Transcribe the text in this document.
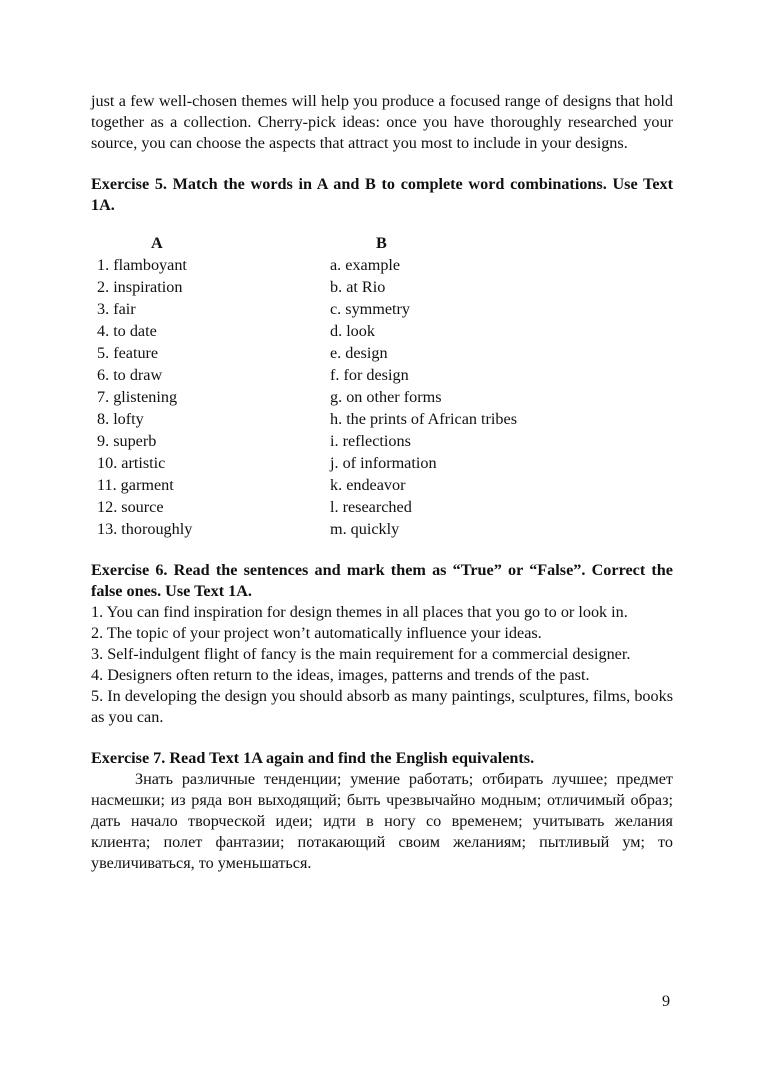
just a few well-chosen themes will help you produce a focused range of designs that hold together as a collection. Cherry-pick ideas: once you have thoroughly researched your source, you can choose the aspects that attract you most to include in your designs.

Exercise 5. Match the words in A and B to complete word combinations. Use Text 1A.

A	B
1. flamboyant	a. example
2. inspiration	b. at Rio
3. fair	c. symmetry
4. to date	d. look
5. feature	e. design
6. to draw	f. for design
7. glistening	g. on other forms
8. lofty	h. the prints of African tribes
9. superb	i. reflections
10. artistic	j. of information
11. garment	k. endeavor
12. source	l. researched
13. thoroughly	m. quickly

Exercise 6. Read the sentences and mark them as “True” or “False”. Correct the false ones. Use Text 1A.

1. You can find inspiration for design themes in all places that you go to or look in.

2. The topic of your project won’t automatically influence your ideas.

3. Self-indulgent flight of fancy is the main requirement for a commercial designer.

4. Designers often return to the ideas, images, patterns and trends of the past.

5. In developing the design you should absorb as many paintings, sculptures, films, books as you can.

Exercise 7. Read Text 1A again and find the English equivalents.

Знать различные тенденции; умение работать; отбирать лучшее; предмет насмешки; из ряда вон выходящий; быть чрезвычайно модным; отличимый образ; дать начало творческой идеи; идти в ногу со временем; учитывать желания клиента; полет фантазии; потакающий своим желаниям; пытливый ум; то увеличиваться, то уменьшаться.

9
